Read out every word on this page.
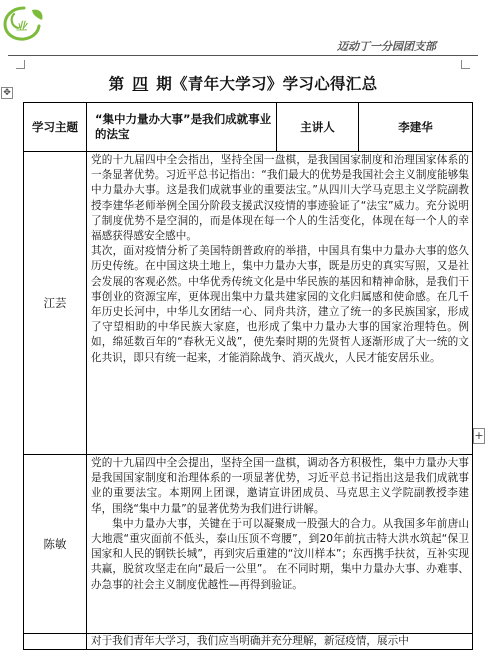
业
迈动丁一分园团支部
第 四 期《青年大学习》学习心得汇总
✥
学习主题	“集中力量办大事”是我们成就事业的法宝	主讲人	李建华
江芸	党的十九届四中全会指出，坚持全国一盘棋，是我国国家制度和治理国家体系的一条显著优势。习近平总书记指出：“我们最大的优势是我国社会主义制度能够集中力量办大事。这是我们成就事业的重要法宝。”从四川大学马克思主义学院副教授李建华老师举例全国分阶段支援武汉疫情的事迹验证了“法宝”威力。充分说明了制度优势不是空洞的，而是体现在每一个人的生活变化，体现在每一个人的幸福感获得感安全感中。

其次，面对疫情分析了美国特朗普政府的举措，中国具有集中力量办大事的悠久历史传统。在中国这块土地上，集中力量办大事，既是历史的真实写照，又是社会发展的客观必然。中华优秀传统文化是中华民族的基因和精神命脉，是我们干事创业的资源宝库，更体现出集中力量共建家园的文化归属感和使命感。在几千年历史长河中，中华儿女团结一心、同舟共济，建立了统一的多民族国家，形成了守望相助的中华民族大家庭，也形成了集中力量办大事的国家治理特色。例如，绵延数百年的“春秋无义战”，使先秦时期的先贤哲人逐渐形成了大一统的文化共识，即只有统一起来，才能消除战争、消灭战火，人民才能安居乐业。		

陈敏	党的十九届四中全会提出，坚持全国一盘棋，调动各方积极性，集中力量办大事是我国国家制度和治理体系的一项显著优势，习近平总书记指出这是我们成就事业的重要法宝。本期网上团课，邀请宣讲团成员、马克思主义学院副教授李建华，围绕“集中力量”的显著优势为我们进行讲解。

集中力量办大事，关键在于可以凝聚成一股强大的合力。从我国多年前唐山大地震“重灾面前不低头，泰山压顶不弯腰”，到20年前抗击特大洪水筑起“保卫国家和人民的钢铁长城”，再到灾后重建的“汶川样本”；东西携手扶贫，互补实现共赢，脱贫攻坚走在向“最后一公里”。 在不同时期，集中力量办大事、办难事、办急事的社会主义制度优越性—再得到验证。		

	对于我们青年大学习，我们应当明确并充分理解，新冠疫情，展示中		
+
